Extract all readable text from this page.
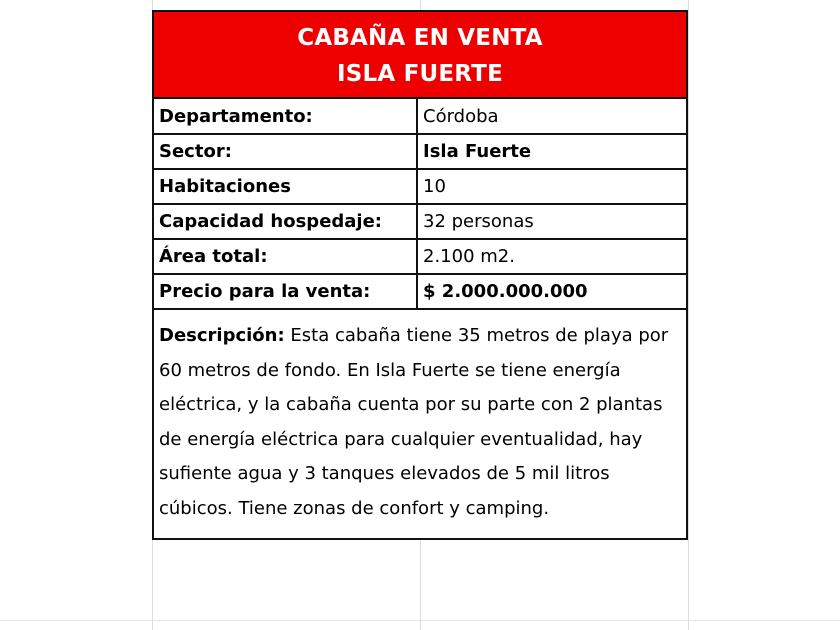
CABAÑA EN VENTA
ISLA FUERTE
Departamento:	Córdoba
Sector:	Isla Fuerte
Habitaciones	10
Capacidad hospedaje:	32 personas
Área total:	2.100 m2.
Precio para la venta:	$ 2.000.000.000
Descripción: Esta cabaña tiene 35 metros de playa por 60 metros de fondo. En Isla Fuerte se tiene energía eléctrica, y la cabaña cuenta por su parte con 2 plantas de energía eléctrica para cualquier eventualidad, hay sufiente agua y 3 tanques elevados de 5 mil litros cúbicos. Tiene zonas de confort y camping.
